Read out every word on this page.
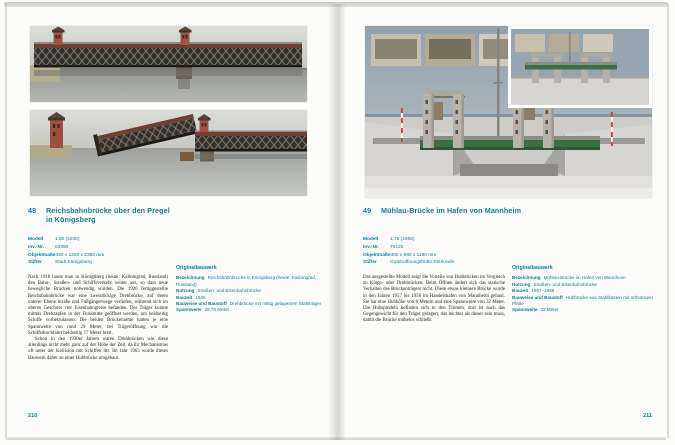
48	Reichsbahnbrücke über den Pregel
in Königsberg
Modell 1:50 (1930)
Inv.-Nr. 63380
Objektmaße430 x 1220 x 2350 mm
Stifter	Stadt Königsberg

Nach 1918 baute man in Königsberg (heute: Kaliningrad, Russland) den Bahn-, Straßen- und Schiffsverkehr weiter aus, so dass neue bewegliche Brücken notwendig wurden. Die 1926 fertiggestellte Reichsbahnbrücke war eine zweistöckige Drehbrücke, auf deren unterer Ebene Straße und Fußgängerwege verliefen, während sich im oberen Geschoss vier Eisenbahngleise befanden. Der Träger konnte mittels Drehzapfen in der Flussmitte geöffnet werden, um beidseitig Schiffe vorbeizulassen. Die beiden Brückenarme hatten je eine Spannweite von rund 29 Meter, bei Trägeröffnung war die Schiffsdurchfahrt beidseitig 17 Meter breit.

Schon in den 1930er Jahren waren Drehbrücken wie diese allerdings nicht mehr ganz auf der Höhe der Zeit, da ihr Mechanismus oft unter der Kollision mit Schiffen litt. Im Jahr 1963 wurde dieses Bauwerk daher zu einer Hubbrücke umgebaut.

Originalbauwerk

Bezeichnung Reichsbahnbrücke in Königsberg (heute: Kaliningrad, Russland)

Nutzung Straßen- und Eisenbahnbrücke

Bauzeit 1926

Bauweise und Baustoff Drehbrücke mit mittig gelagertem Stahlträger

Spannweite 28,70 Meter

210
49	Mühlau-Brücke im Hafen von Mannheim
Modell 1:75 (1958)
Inv.-Nr. 76125
Objektmaße300 x 560 x 1180 mm
Stifter	Gutehoffnungshütte Sterkrade

Das ausgestellte Modell zeigt die Vorteile von Hubbrücken im Vergleich zu Klapp- oder Drehbrücken: Beim Öffnen ändert sich das statische Verhalten des Brückenträgers nicht. Diese etwas kleinere Brücke wurde in den Jahren 1957 bis 1958 im Handelshafen von Mannheim gebaut. Sie hat eine Hubhöhe von 6 Metern und eine Spannweite von 32 Meter. Die Hubspindeln befinden sich in den Türmen, dort ist auch das Gegengewicht für den Träger gelagert, das leichter als dieser sein muss, damit die Brücke mühelos schließt.

Originalbauwerk

Bezeichnung Mühlau-Brücke im Hafen von Mannheim

Nutzung Straßen- und Eisenbahnbrücke

Bauzeit 1957–1958

Bauweise und Baustoff Hubbrücke aus Stahlkästen mit orthotroper Platte

Spannweite 32 Meter

211
